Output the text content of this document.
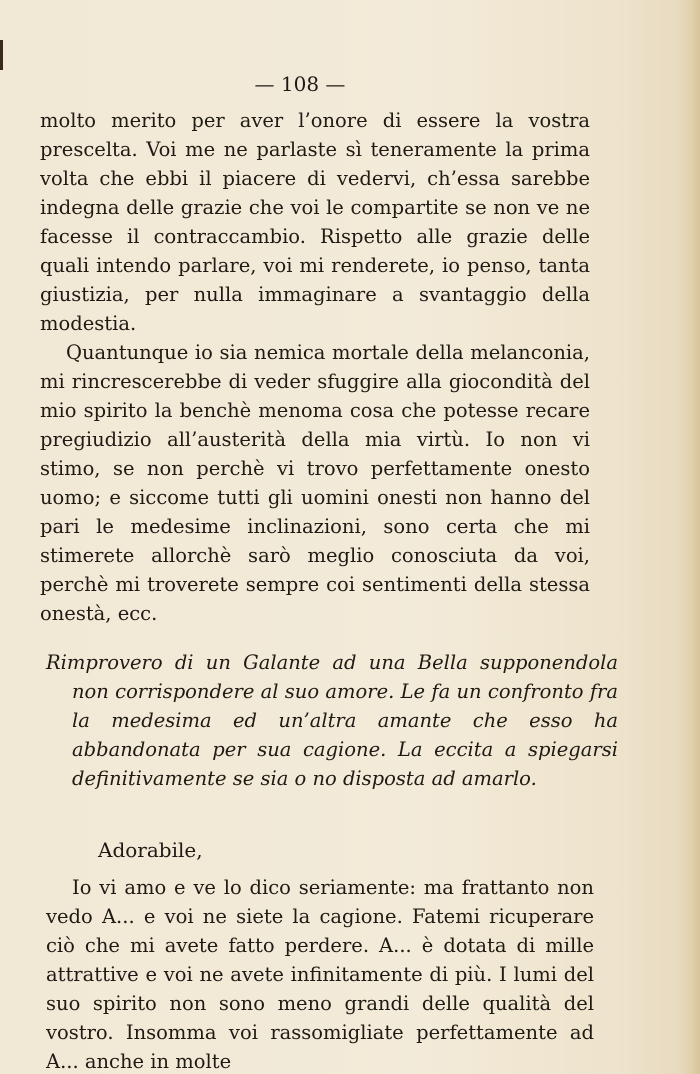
— 108 —

molto merito per aver l’onore di essere la vostra prescelta. Voi me ne parlaste sì teneramente la prima volta che ebbi il piacere di vedervi, ch’essa sarebbe indegna delle grazie che voi le compartite se non ve ne facesse il contraccambio. Rispetto alle grazie delle quali intendo parlare, voi mi renderete, io penso, tanta giustizia, per nulla immaginare a svantaggio della modestia.

Quantunque io sia nemica mortale della melanconia, mi rincrescerebbe di veder sfuggire alla giocondità del mio spirito la benchè menoma cosa che potesse recare pregiudizio all’austerità della mia virtù. Io non vi stimo, se non perchè vi trovo perfettamente onesto uomo; e siccome tutti gli uomini onesti non hanno del pari le medesime inclinazioni, sono certa che mi stimerete allorchè sarò meglio conosciuta da voi, perchè mi troverete sempre coi sentimenti della stessa onestà, ecc.

Rimprovero di un Galante ad una Bella supponendola non corrispondere al suo amore. Le fa un confronto fra la medesima ed un’altra amante che esso ha abbandonata per sua cagione. La eccita a spiegarsi definitivamente se sia o no disposta ad amarlo.

Adorabile,

Io vi amo e ve lo dico seriamente: ma frattanto non vedo A... e voi ne siete la cagione. Fatemi ricuperare ciò che mi avete fatto perdere. A... è dotata di mille attrattive e voi ne avete infinitamente di più. I lumi del suo spirito non sono meno grandi delle qualità del vostro. Insomma voi rassomigliate perfettamente ad A... anche in molte
